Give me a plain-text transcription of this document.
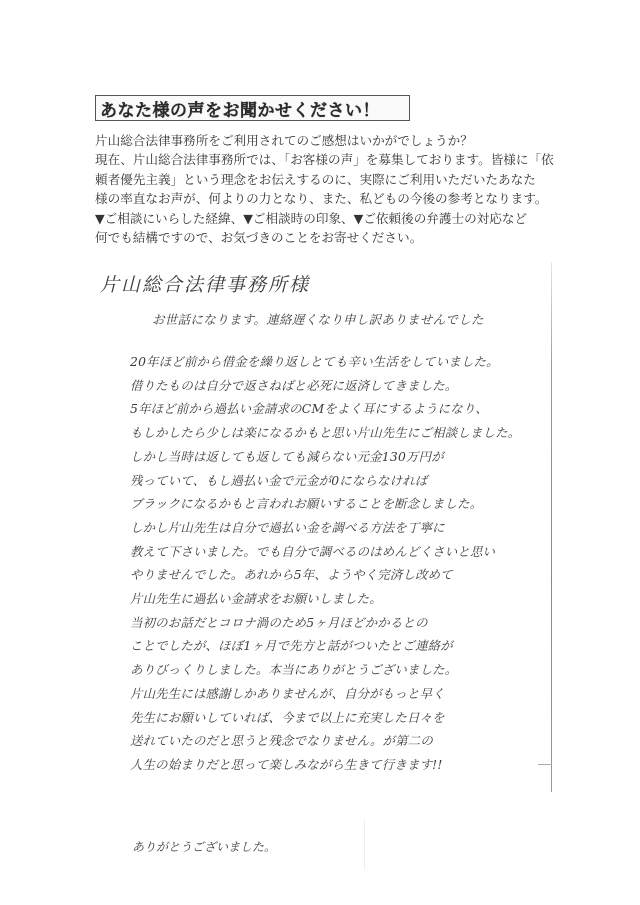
あなた様の声をお聞かせください！

片山総合法律事務所をご利用されてのご感想はいかがでしょうか？

現在、片山総合法律事務所では、「お客様の声」を募集しております。皆様に「依

頼者優先主義」という理念をお伝えするのに、実際にご利用いただいたあなた

様の率直なお声が、何よりの力となり、また、私どもの今後の参考となります。

▼ご相談にいらした経緯、▼ご相談時の印象、▼ご依頼後の弁護士の対応など

何でも結構ですので、お気づきのことをお寄せください。

片山総合法律事務所様
お世話になります。連絡遅くなり申し訳ありませんでした
20年ほど前から借金を繰り返しとても辛い生活をしていました。
借りたものは自分で返さねばと必死に返済してきました。
5年ほど前から過払い金請求のCMをよく耳にするようになり、
もしかしたら少しは楽になるかもと思い片山先生にご相談しました。
しかし当時は返しても返しても減らない元金130万円が
残っていて、もし過払い金で元金が0にならなければ
ブラックになるかもと言われお願いすることを断念しました。
しかし片山先生は自分で過払い金を調べる方法を丁寧に
教えて下さいました。でも自分で調べるのはめんどくさいと思い
やりませんでした。あれから5年、ようやく完済し改めて
片山先生に過払い金請求をお願いしました。
当初のお話だとコロナ渦のため5ヶ月ほどかかるとの
ことでしたが、ほぼ1ヶ月で先方と話がついたとご連絡が
ありびっくりしました。本当にありがとうございました。
片山先生には感謝しかありませんが、自分がもっと早く
先生にお願いしていれば、今まで以上に充実した日々を
送れていたのだと思うと残念でなりません。が第二の
人生の始まりだと思って楽しみながら生きて行きます!!
ありがとうございました。
